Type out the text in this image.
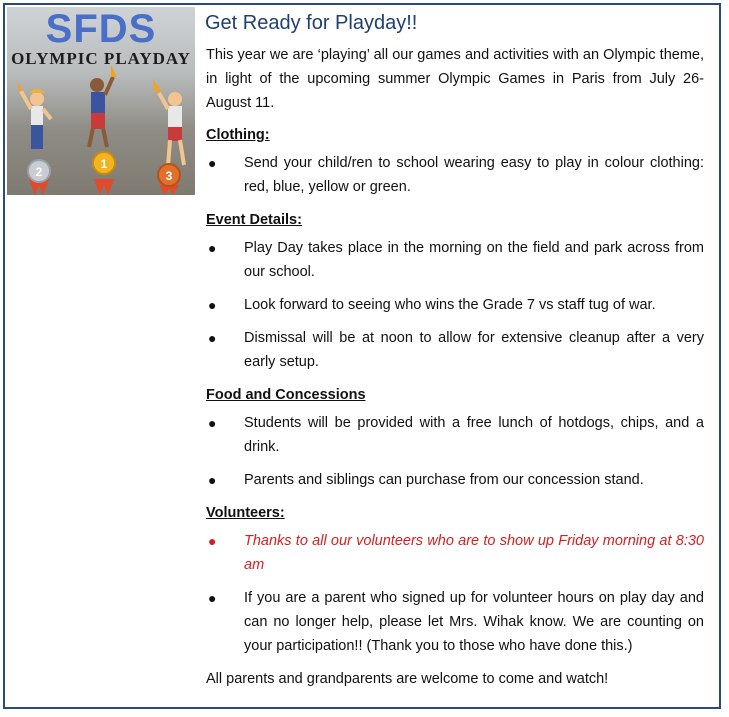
2
1
3
SFDS
OLYMPIC PLAYDAY
Get Ready for Playday!!

This year we are ‘playing’ all our games and activities with an Olympic theme, in light of the upcoming summer Olympic Games in Paris from July 26-August 11.

Clothing:

● Send your child/ren to school wearing easy to play in colour clothing: red, blue, yellow or green.

Event Details:

● Play Day takes place in the morning on the field and park across from our school.
● Look forward to seeing who wins the Grade 7 vs staff tug of war.
● Dismissal will be at noon to allow for extensive cleanup after a very early setup.

Food and Concessions

● Students will be provided with a free lunch of hotdogs, chips, and a drink.
● Parents and siblings can purchase from our concession stand.

Volunteers:

● Thanks to all our volunteers who are to show up Friday morning at 8:30 am
● If you are a parent who signed up for volunteer hours on play day and can no longer help, please let Mrs. Wihak know. We are counting on your participation!! (Thank you to those who have done this.)

All parents and grandparents are welcome to come and watch!
